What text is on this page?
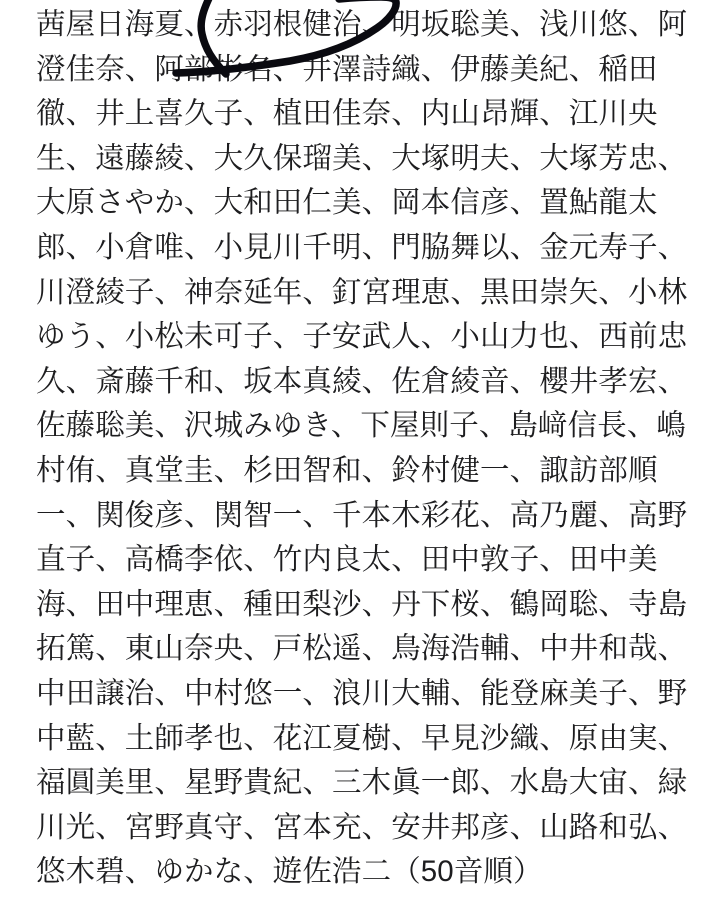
茜屋日海夏、赤羽根健治、明坂聡美、浅川悠、阿
澄佳奈、阿部彬名、井澤詩織、伊藤美紀、稲田
徹、井上喜久子、植田佳奈、内山昂輝、江川央
生、遠藤綾、大久保瑠美、大塚明夫、大塚芳忠、
大原さやか、大和田仁美、岡本信彦、置鮎龍太
郎、小倉唯、小見川千明、門脇舞以、金元寿子、
川澄綾子、神奈延年、釘宮理恵、黒田崇矢、小林
ゆう、小松未可子、子安武人、小山力也、西前忠
久、斎藤千和、坂本真綾、佐倉綾音、櫻井孝宏、
佐藤聡美、沢城みゆき、下屋則子、島﨑信長、嶋
村侑、真堂圭、杉田智和、鈴村健一、諏訪部順
一、関俊彦、関智一、千本木彩花、高乃麗、高野
直子、高橋李依、竹内良太、田中敦子、田中美
海、田中理恵、種田梨沙、丹下桜、鶴岡聡、寺島
拓篤、東山奈央、戸松遥、鳥海浩輔、中井和哉、
中田譲治、中村悠一、浪川大輔、能登麻美子、野
中藍、土師孝也、花江夏樹、早見沙織、原由実、
福圓美里、星野貴紀、三木眞一郎、水島大宙、緑
川光、宮野真守、宮本充、安井邦彦、山路和弘、
悠木碧、ゆかな、遊佐浩二（50音順）
